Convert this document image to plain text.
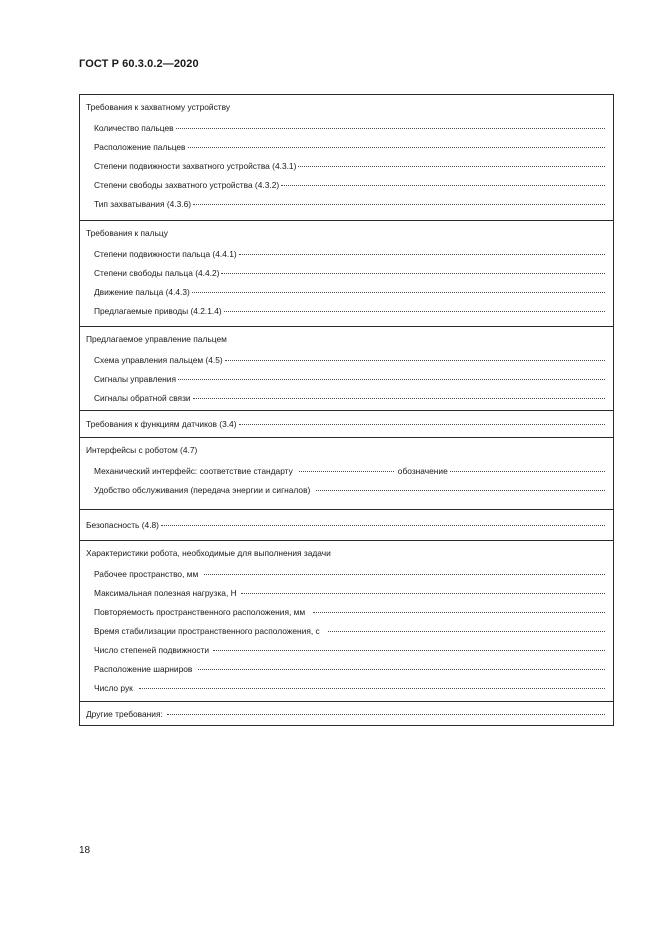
ГОСТ Р 60.3.0.2—2020
Требования к захватному устройству
Количество пальцев
Расположение пальцев
Степени подвижности захватного устройства (4.3.1)
Степени свободы захватного устройства (4.3.2)
Тип захватывания (4.3.6)
Требования к пальцу
Степени подвижности пальца (4.4.1)
Степени свободы пальца (4.4.2)
Движение пальца (4.4.3)
Предлагаемые приводы (4.2.1.4)
Предлагаемое управление пальцем
Схема управления пальцем (4.5)
Сигналы управления
Сигналы обратной связи
Требования к функциям датчиков (3.4)
Интерфейсы с роботом (4.7)
Механический интерфейс: соответствие стандарту	обозначение
Удобство обслуживания (передача энергии и сигналов)
Безопасность (4.8)
Характеристики робота, необходимые для выполнения задачи
Рабочее пространство, мм
Максимальная полезная нагрузка, Н
Повторяемость пространственного расположения, мм
Время стабилизации пространственного расположения, с
Число степеней подвижности
Расположение шарниров
Число рук
Другие требования:
18
